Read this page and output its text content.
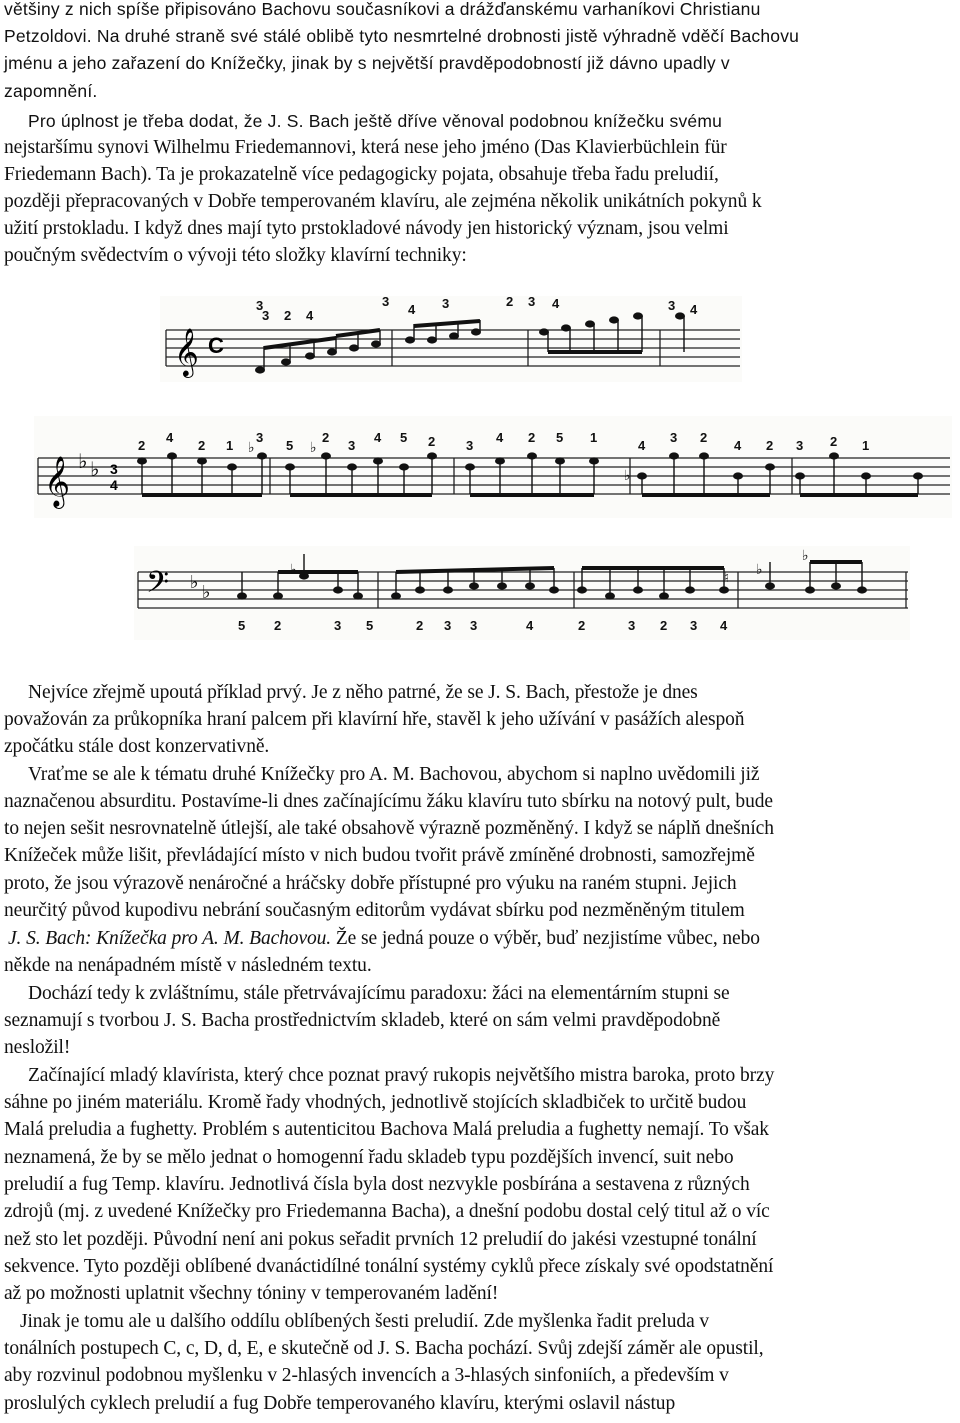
většiny z nich spíše připisováno Bachovu současníkovi a drážďanskému varhaníkovi Christianu
Petzoldovi. Na druhé straně své stálé oblibě tyto nesmrtelné drobnosti jistě výhradně vděčí Bachovu
jménu a jeho zařazení do Knížečky, jinak by s největší pravděpodobností již dávno upadly v
zapomnění.
Pro úplnost je třeba dodat, že J. S. Bach ještě dříve věnoval podobnou knížečku svému
nejstaršímu synovi Wilhelmu Friedemannovi, která nese jeho jméno (Das Klavierbüchlein für
Friedemann Bach). Ta je prokazatelně více pedagogicky pojata, obsahuje třeba řadu preludií,
později přepracovaných v Dobře temperovaném klavíru, ale zejména několik unikátních pokynů k
užití prstokladu. I když dnes mají tyto prstokladové návody jen historický význam, jsou velmi
poučným svědectvím o vývoji této složky klavírní techniky:
𝄞 C
3
2
3	4
3
4 3	2 3 4	3 4
𝄞 ♭ ♭ 3
4
♭	♭
♭
2
4
2 1
3
5
2
3
4 5 2 3
4 2 5 1
4
3 2
4 2 3 2 1
𝄢 ♭ ♭
♭	♮ ♭
♭
5 2	3 5	2 3 3	4	2	3 2 3 4
Nejvíce zřejmě upoutá příklad prvý. Je z něho patrné, že se J. S. Bach, přestože je dnes
považován za průkopníka hraní palcem při klavírní hře, stavěl k jeho užívání v pasážích alespoň
zpočátku stále dost konzervativně.
Vraťme se ale k tématu druhé Knížečky pro A. M. Bachovou, abychom si naplno uvědomili již
naznačenou absurditu. Postavíme-li dnes začínajícímu žáku klavíru tuto sbírku na notový pult, bude
to nejen sešit nesrovnatelně útlejší, ale také obsahově výrazně pozměněný. I když se náplň dnešních
Knížeček může lišit, převládající místo v nich budou tvořit právě zmíněné drobnosti, samozřejmě
proto, že jsou výrazově nenáročné a hráčsky dobře přístupné pro výuku na raném stupni. Jejich
neurčitý původ kupodivu nebrání současným editorům vydávat sbírku pod nezměněným titulem
J. S. Bach: Knížečka pro A. M. Bachovou. Že se jedná pouze o výběr, buď nezjistíme vůbec, nebo
někde na nenápadném místě v následném textu.
Dochází tedy k zvláštnímu, stále přetrvávajícímu paradoxu: žáci na elementárním stupni se
seznamují s tvorbou J. S. Bacha prostřednictvím skladeb, které on sám velmi pravděpodobně
nesložil!
Začínající mladý klavírista, který chce poznat pravý rukopis největšího mistra baroka, proto brzy
sáhne po jiném materiálu. Kromě řady vhodných, jednotlivě stojících skladbiček to určitě budou
Malá preludia a fughetty. Problém s autenticitou Bachova Malá preludia a fughetty nemají. To však
neznamená, že by se mělo jednat o homogenní řadu skladeb typu pozdějších invencí, suit nebo
preludií a fug Temp. klavíru. Jednotlivá čísla byla dost nezvykle posbírána a sestavena z různých
zdrojů (mj. z uvedené Knížečky pro Friedemanna Bacha), a dnešní podobu dostal celý titul až o víc
než sto let později. Původní není ani pokus seřadit prvních 12 preludií do jakési vzestupné tonální
sekvence. Tyto později oblíbené dvanáctidílné tonální systémy cyklů přece získaly své opodstatnění
až po možnosti uplatnit všechny tóniny v temperovaném ladění!
Jinak je tomu ale u dalšího oddílu oblíbených šesti preludií. Zde myšlenka řadit preluda v
tonálních postupech C, c, D, d, E, e skutečně od J. S. Bacha pochází. Svůj zdejší záměr ale opustil,
aby rozvinul podobnou myšlenku v 2-hlasých invencích a 3-hlasých sinfoniích, a především v
proslulých cyklech preludií a fug Dobře temperovaného klavíru, kterými oslavil nástup
